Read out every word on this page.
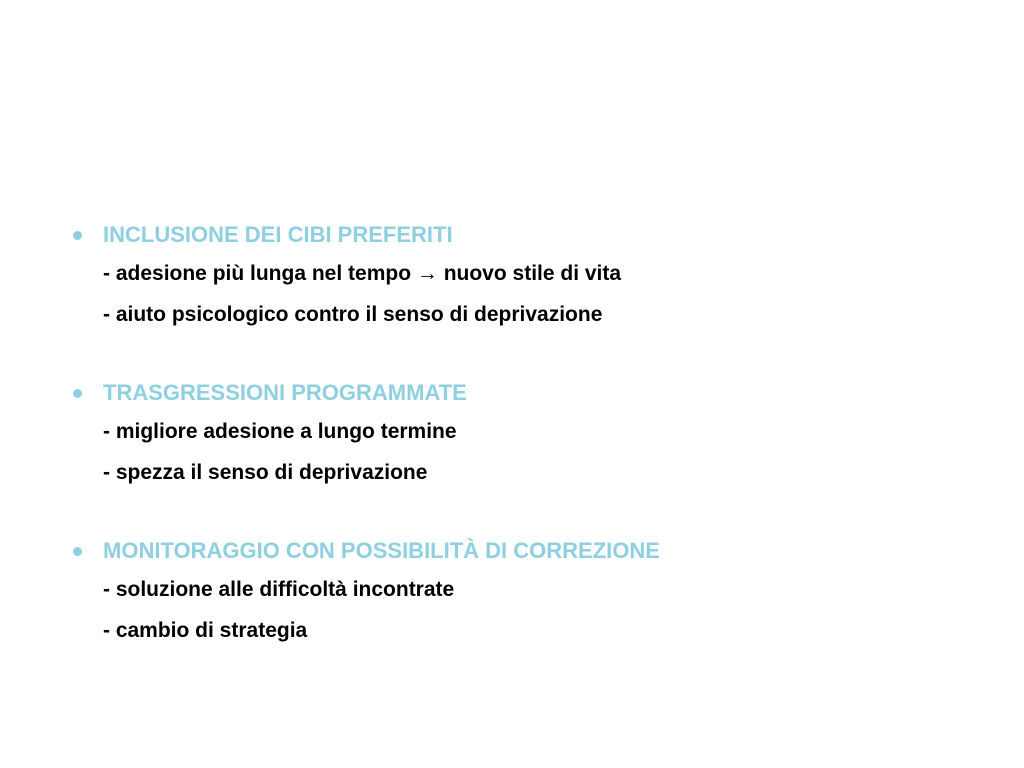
INCLUSIONE DEI CIBI PREFERITI
- adesione più lunga nel tempo → nuovo stile di vita
- aiuto psicologico contro il senso di deprivazione
TRASGRESSIONI PROGRAMMATE
- migliore adesione a lungo termine
- spezza il senso di deprivazione
MONITORAGGIO CON POSSIBILITÀ DI CORREZIONE
- soluzione alle difficoltà incontrate
- cambio di strategia
